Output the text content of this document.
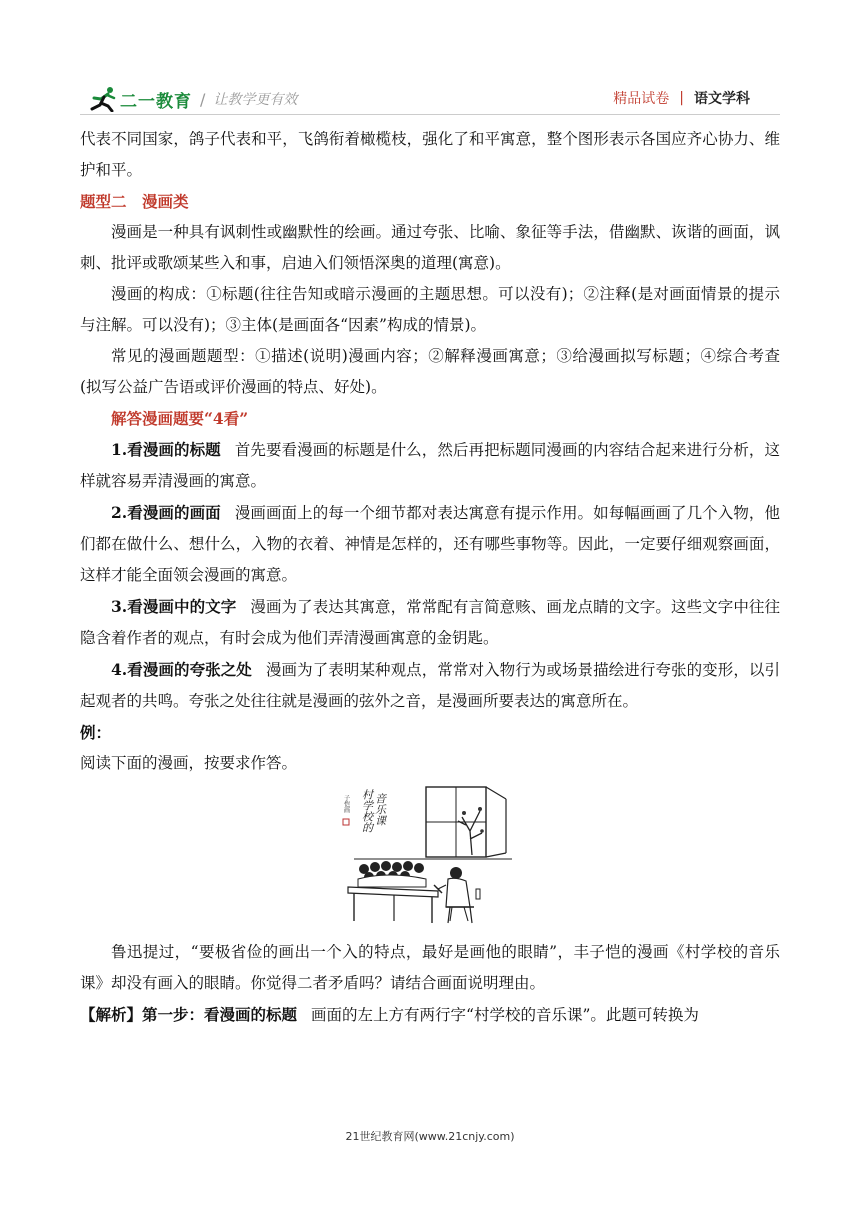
二一教育 / 让教学更有效	精品试卷 | 语文学科

代表不同国家，鸽子代表和平，飞鸽衔着橄榄枝，强化了和平寓意，整个图形表示各国应齐心协力、维护和平。

题型二　漫画类

漫画是一种具有讽刺性或幽默性的绘画。通过夸张、比喻、象征等手法，借幽默、诙谐的画面，讽刺、批评或歌颂某些入和事，启迪入们领悟深奥的道理(寓意)。

漫画的构成：①标题(往往告知或暗示漫画的主题思想。可以没有)；②注释(是对画面情景的提示与注解。可以没有)；③主体(是画面各“因素”构成的情景)。

常见的漫画题题型：①描述(说明)漫画内容；②解释漫画寓意；③给漫画拟写标题；④综合考查(拟写公益广告语或评价漫画的特点、好处)。

解答漫画题要“4看”

1.看漫画的标题 首先要看漫画的标题是什么，然后再把标题同漫画的内容结合起来进行分析，这样就容易弄清漫画的寓意。

2.看漫画的画面 漫画画面上的每一个细节都对表达寓意有提示作用。如每幅画画了几个入物，他们都在做什么、想什么，入物的衣着、神情是怎样的，还有哪些事物等。因此，一定要仔细观察画面，这样才能全面领会漫画的寓意。

3.看漫画中的文字 漫画为了表达其寓意，常常配有言简意赅、画龙点睛的文字。这些文字中往往隐含着作者的观点，有时会成为他们弄清漫画寓意的金钥匙。

4.看漫画的夸张之处 漫画为了表明某种观点，常常对入物行为或场景描绘进行夸张的变形，以引起观者的共鸣。夸张之处往往就是漫画的弦外之音，是漫画所要表达的寓意所在。

例：

阅读下面的漫画，按要求作答。

子恺画 村学校的 音乐课

鲁迅提过，“要极省俭的画出一个入的特点，最好是画他的眼睛”，丰子恺的漫画《村学校的音乐课》却没有画入的眼睛。你觉得二者矛盾吗？请结合画面说明理由。

【解析】第一步：看漫画的标题 画面的左上方有两行字“村学校的音乐课”。此题可转换为

21世纪教育网(www.21cnjy.com)
